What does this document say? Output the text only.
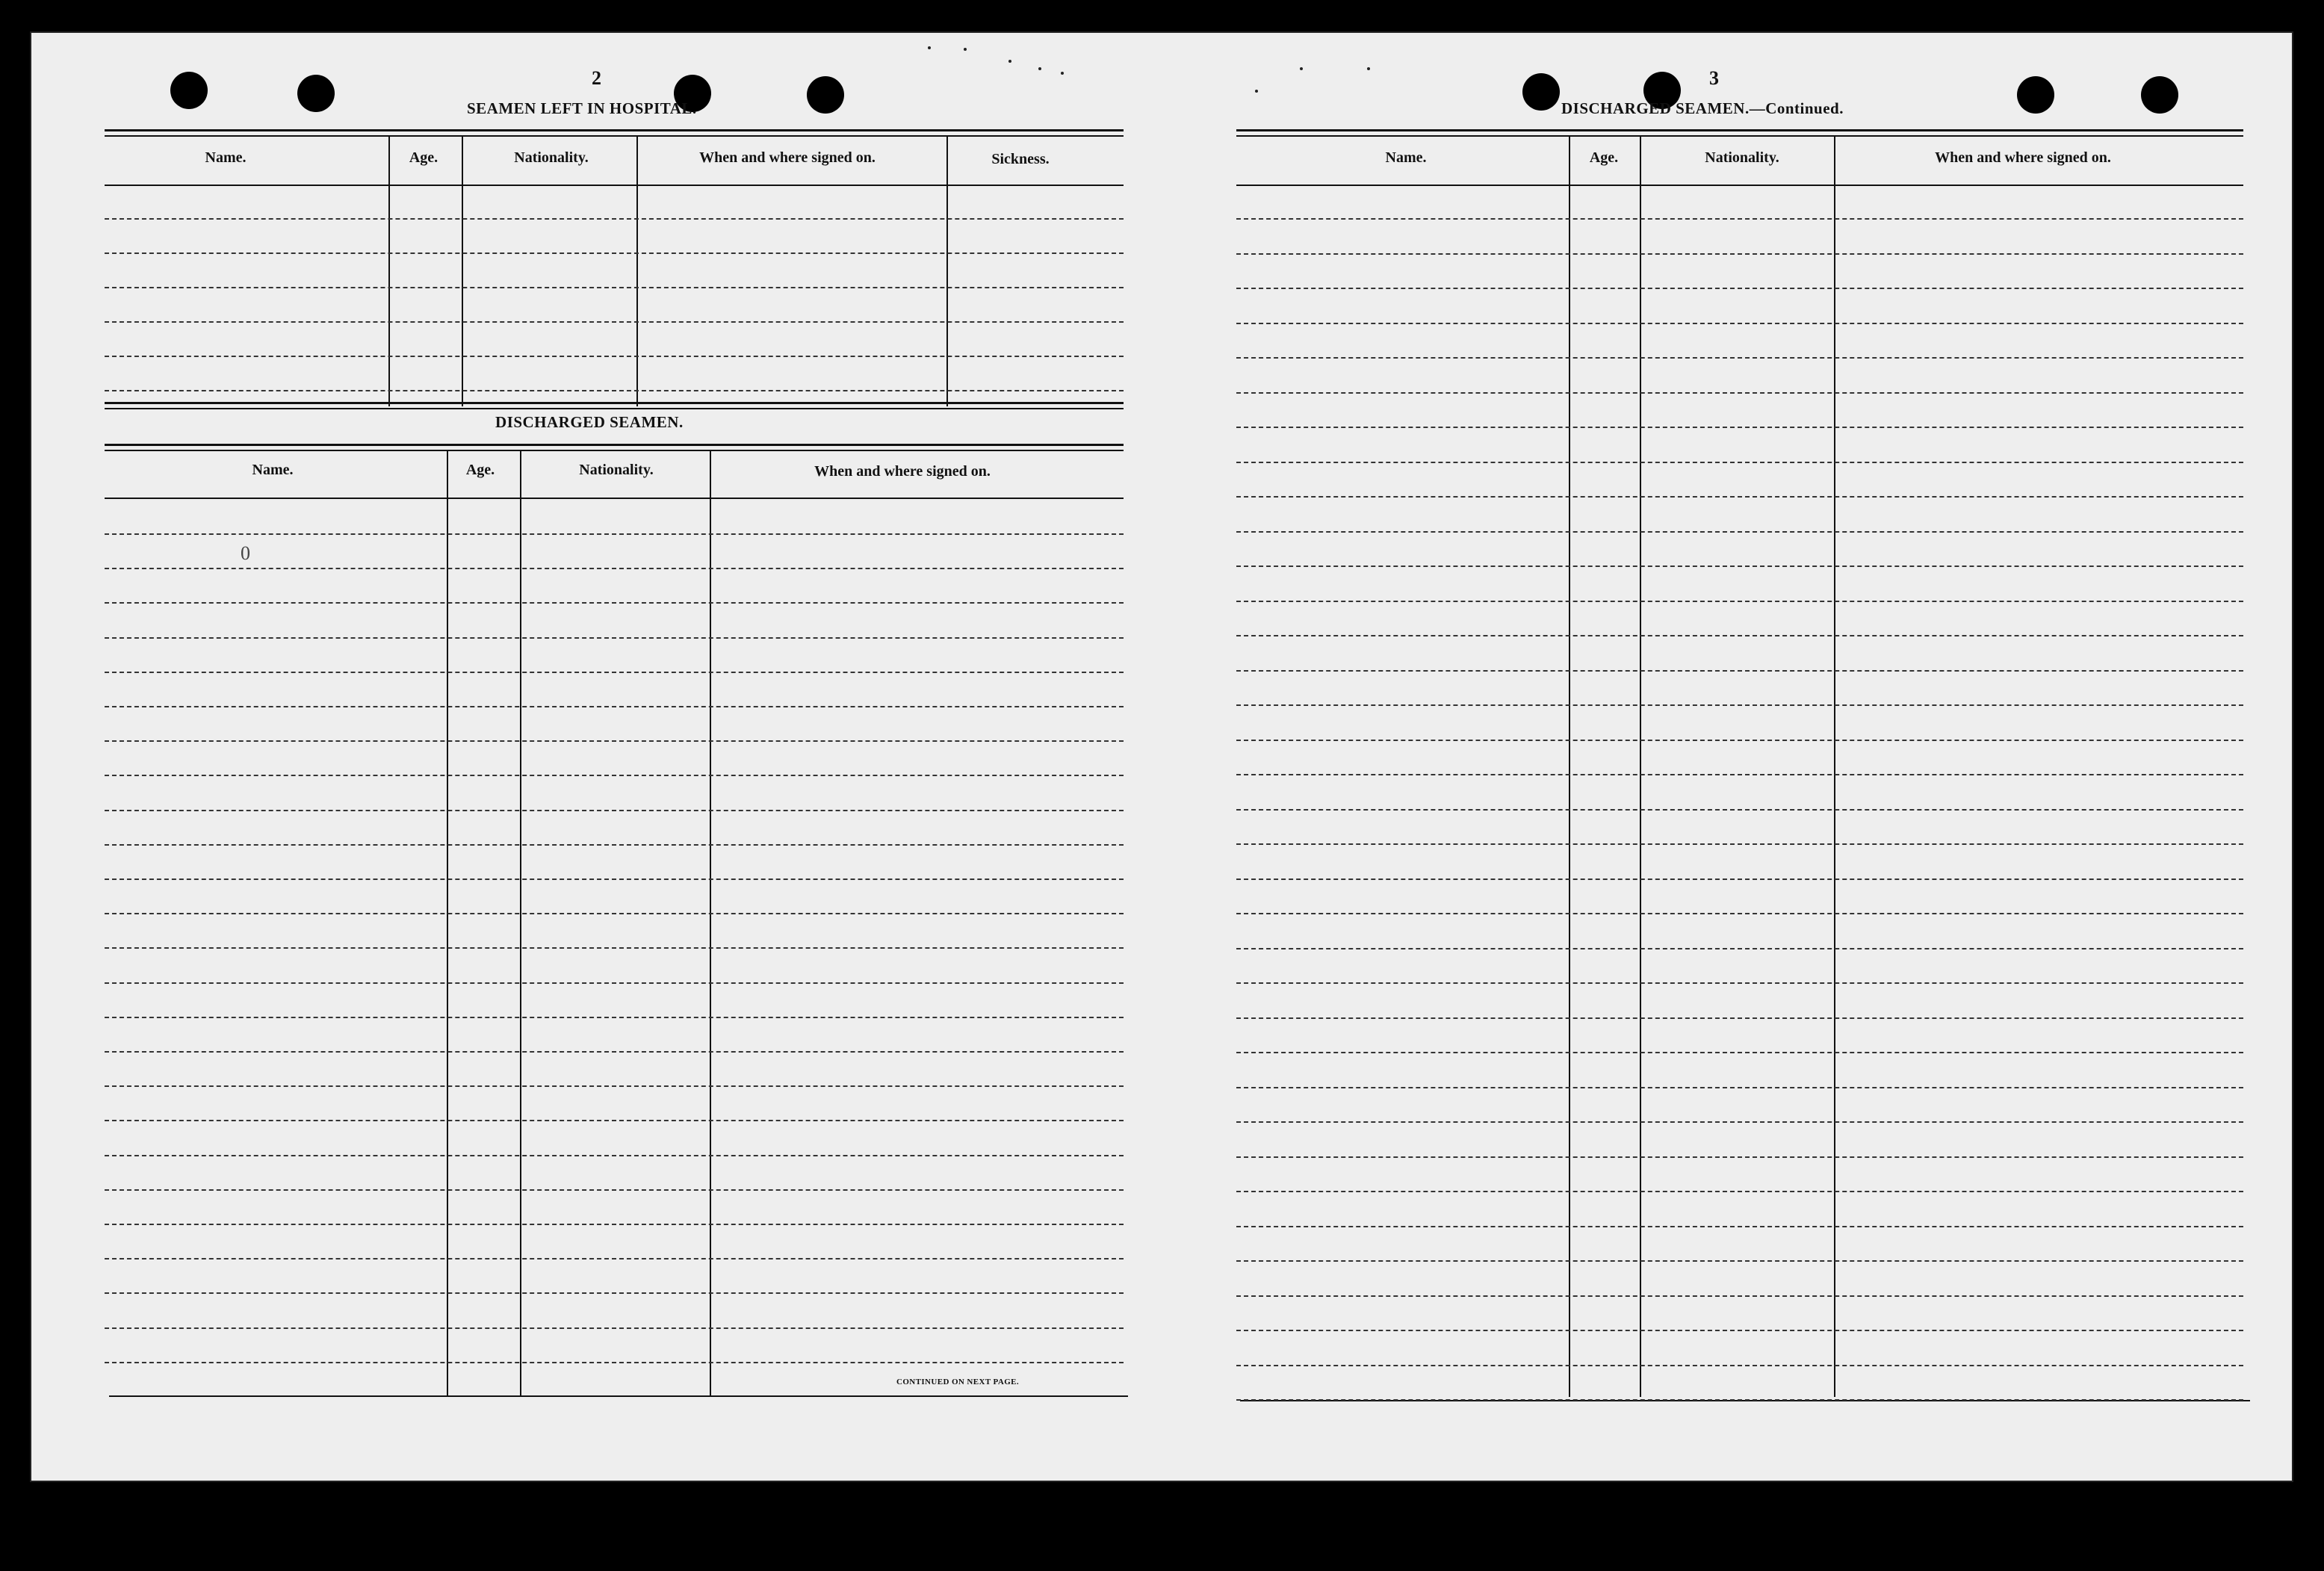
2
SEAMEN LEFT IN HOSPITAL.
Name.	Age.	Nationality.	When and where signed on.	Sickness.
DISCHARGED SEAMEN.
Name.	Age.	Nationality.	When and where signed on.
0
CONTINUED ON NEXT PAGE.
3
DISCHARGED SEAMEN.—Continued.
Name.	Age.	Nationality.	When and where signed on.
